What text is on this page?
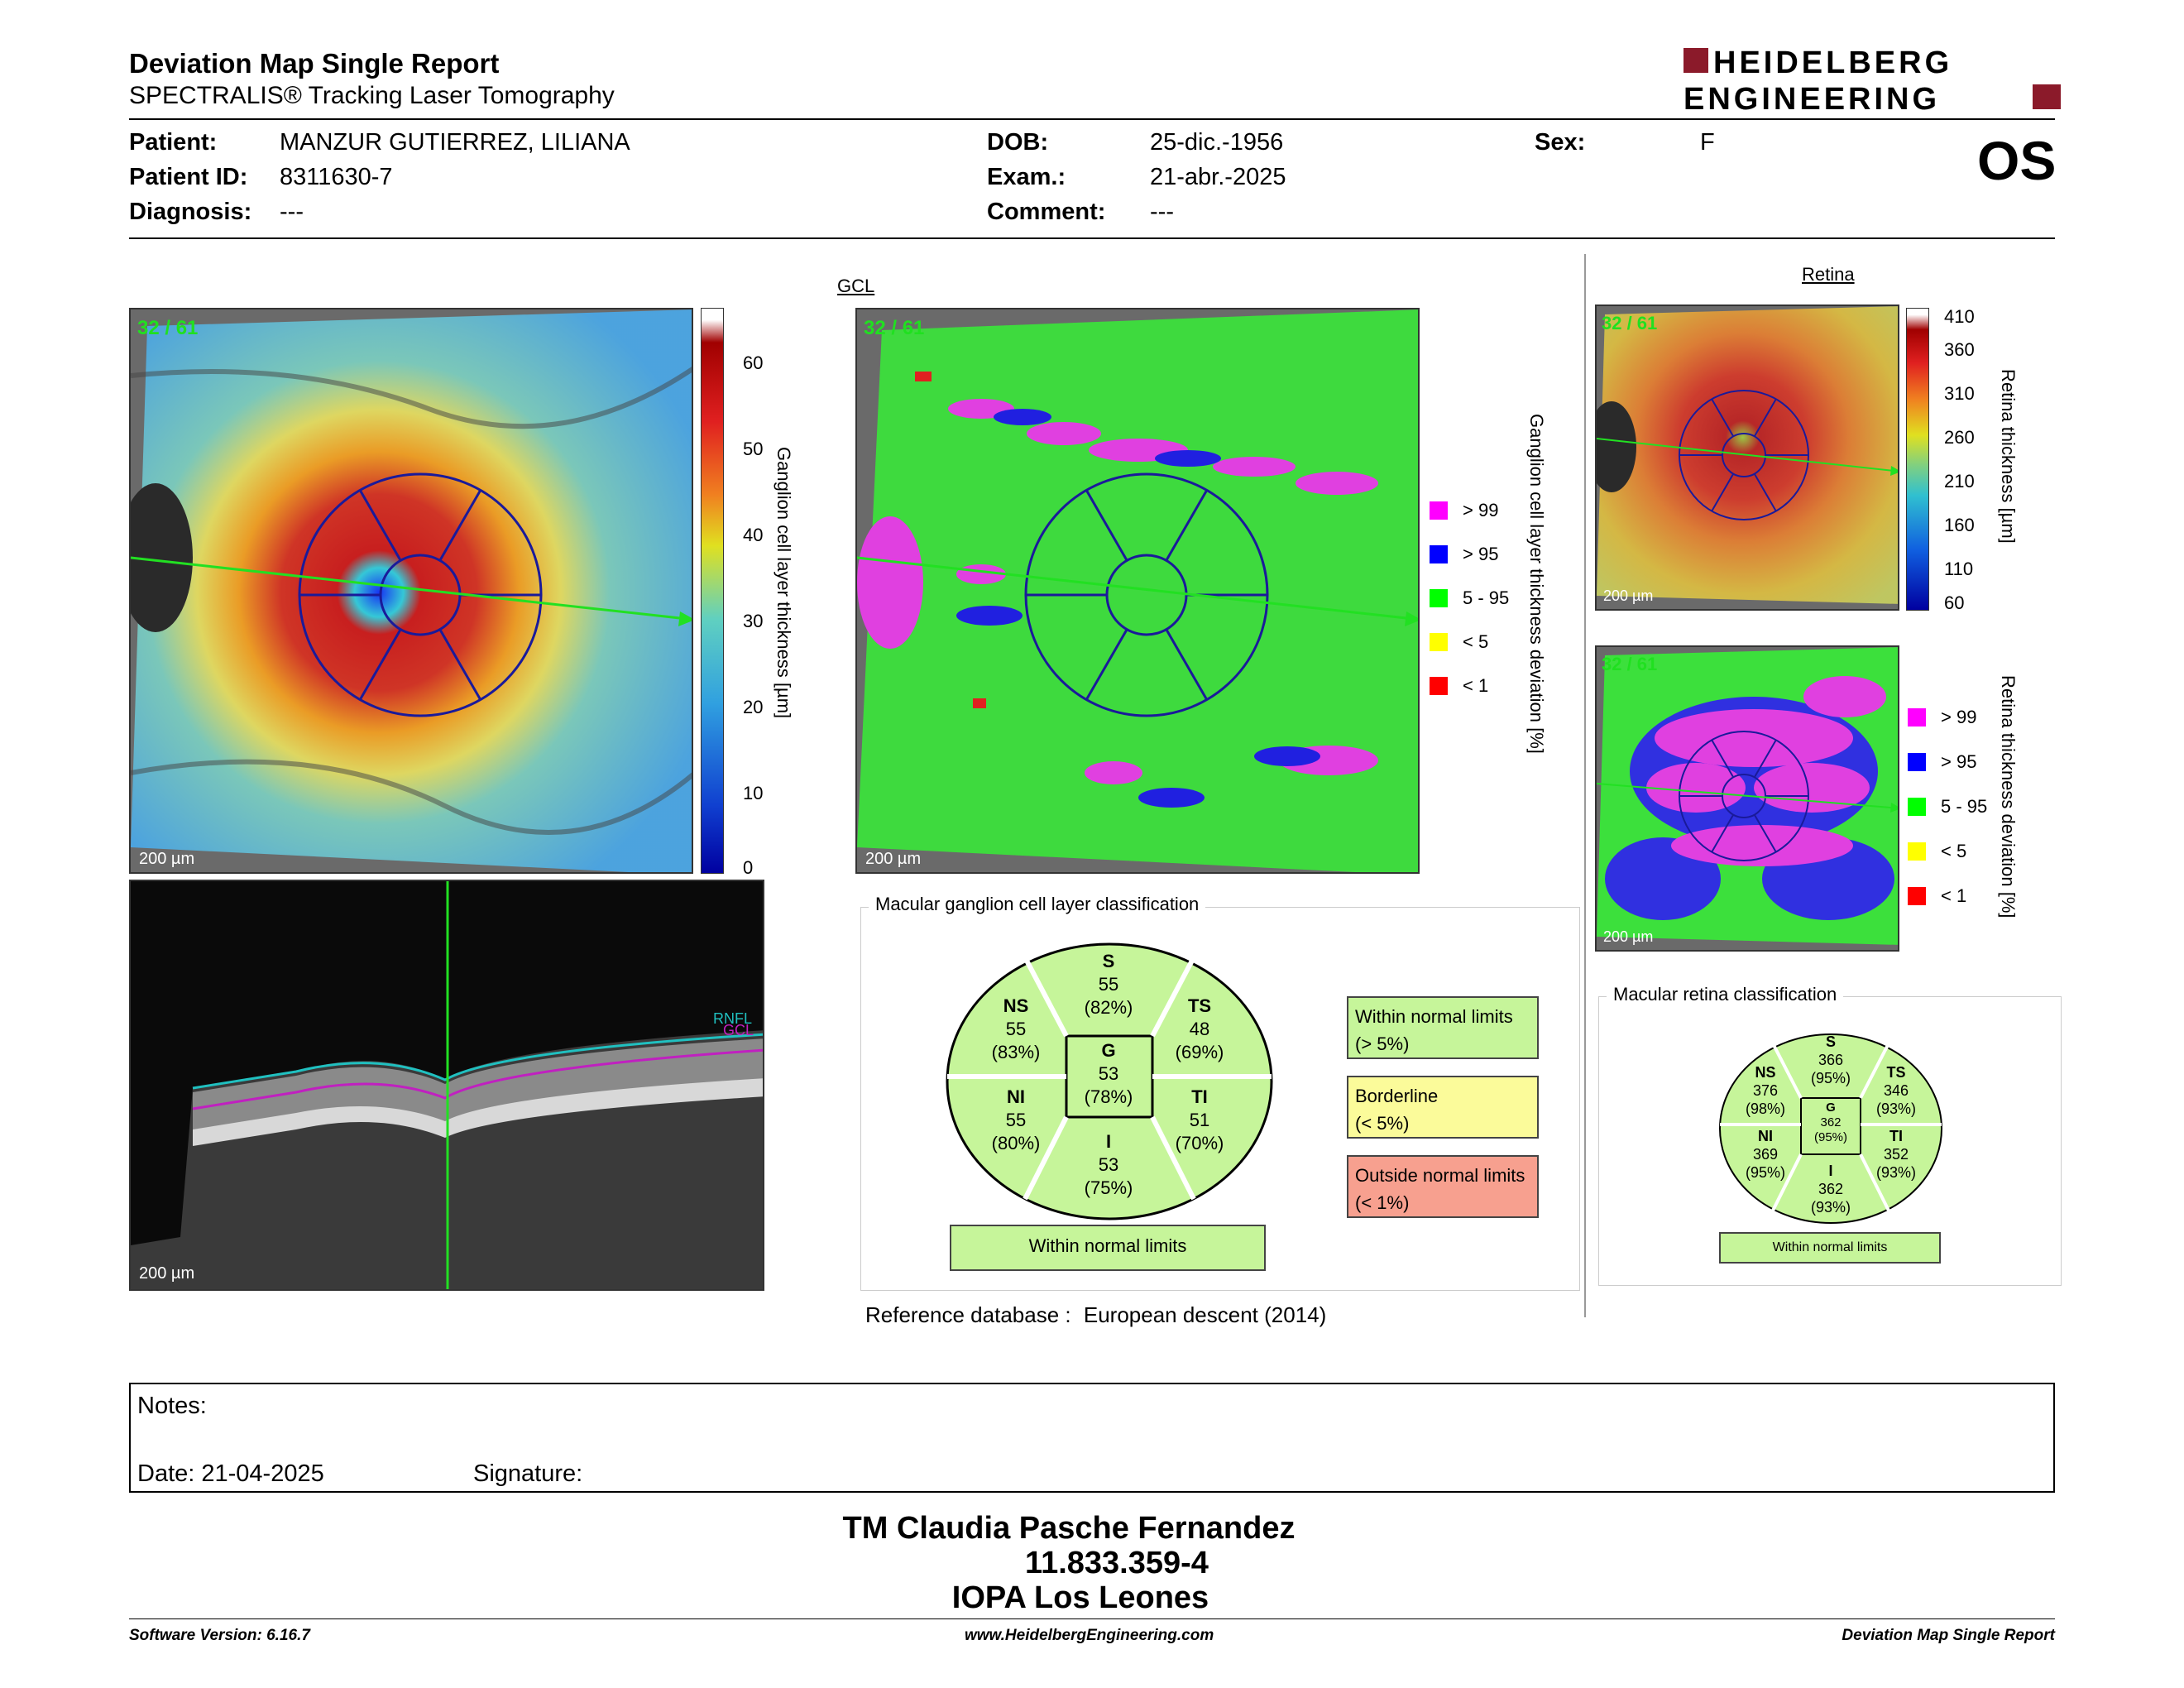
Deviation Map Single Report
SPECTRALIS® Tracking Laser Tomography
HEIDELBERG
ENGINEERING
Patient:	MANZUR GUTIERREZ, LILIANA
Patient ID: 8311630-7
Diagnosis: ---
DOB:	25-dic.-1956
Exam.:	21-abr.-2025
Comment: ---
Sex:	F	OS
32 / 61
200 µm
60
50
40
30
20
10
0
Ganglion cell layer thickness [µm]
GCL
32 / 61
200 µm
> 99
> 95
5 - 95
< 5
< 1 Ganglion cell layer thickness deviation [%]
Retina
32 / 61
200 µm
410
360
310
260
210
160
110
60
Retina thickness [µm]
32 / 61
200 µm
> 99
> 95
5 - 95
< 5
< 1 Retina thickness deviation [%]
RNFL
GCL
200 µm
Macular ganglion cell layer classification
S
55
(82%)
NS
55
(83%)
TS
48
(69%)
G
53
(78%)
NI
55
(80%)
TI
51
(70%)
I
53
(75%)
Within normal limits
Within normal limits
(> 5%)
Borderline
(< 5%)
Outside normal limits
(< 1%)
Macular retina classification
S
366
(95%)
NS
376
(98%)
TS
346
(93%)
G
362
(95%)
NI
369
(95%)
TI
352
(93%)
I
362
(93%)
Within normal limits
Reference database : European descent (2014)
Notes:
Date: 21-04-2025	Signature:
TM Claudia Pasche Fernandez
11.833.359-4
IOPA Los Leones
Software Version: 6.16.7	www.HeidelbergEngineering.com	Deviation Map Single Report
